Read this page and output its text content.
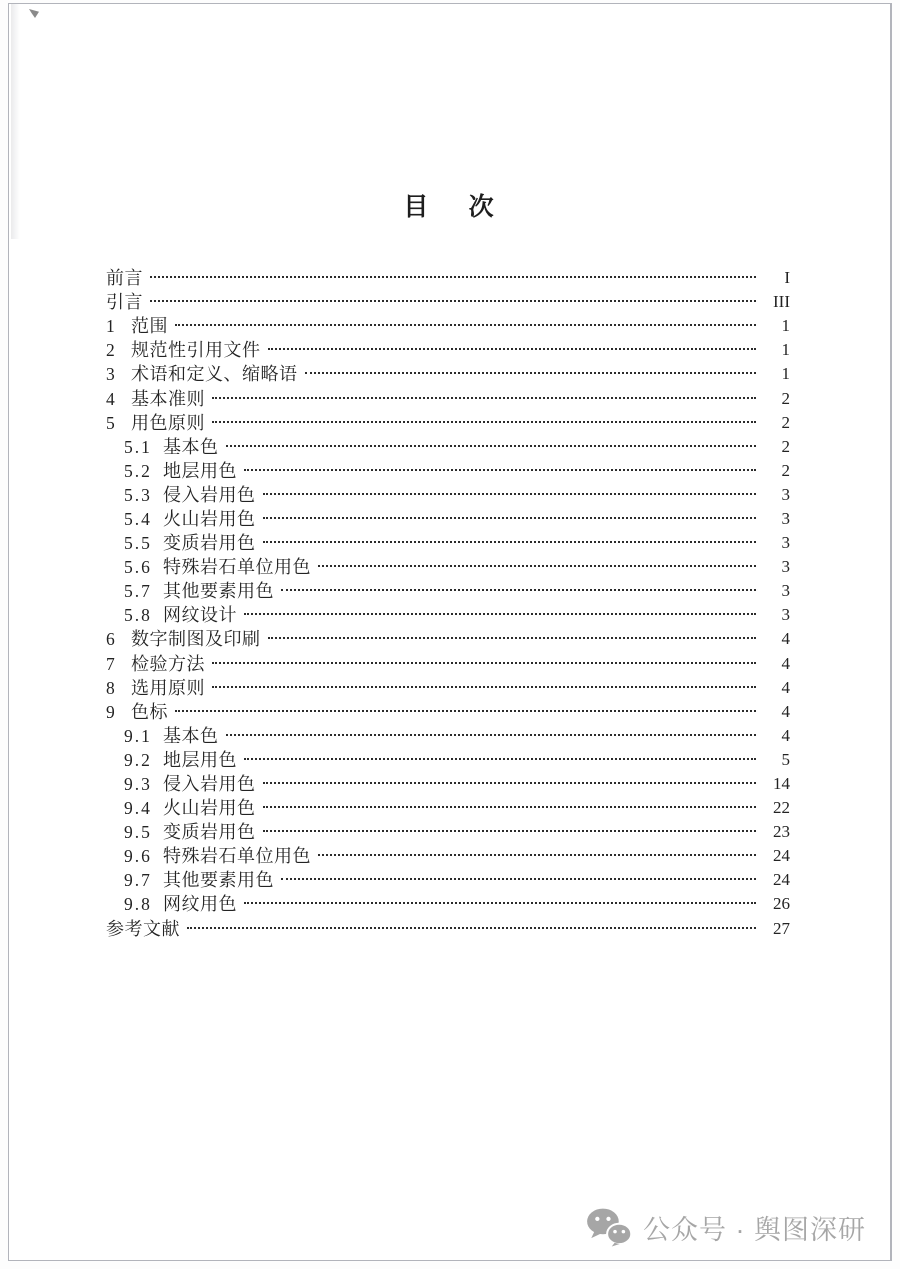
目 次
前言	I
引言	III
1 范围	1
2 规范性引用文件	1
3 术语和定义、缩略语	1
4 基本准则	2
5 用色原则	2
5.1 基本色	2
5.2 地层用色	2
5.3 侵入岩用色	3
5.4 火山岩用色	3
5.5 变质岩用色	3
5.6 特殊岩石单位用色	3
5.7 其他要素用色	3
5.8 网纹设计	3
6 数字制图及印刷	4
7 检验方法	4
8 选用原则	4
9 色标	4
9.1 基本色	4
9.2 地层用色	5
9.3 侵入岩用色	14
9.4 火山岩用色	22
9.5 变质岩用色	23
9.6 特殊岩石单位用色	24
9.7 其他要素用色	24
9.8 网纹用色	26
参考文献	27
公众号 · 舆图深研
